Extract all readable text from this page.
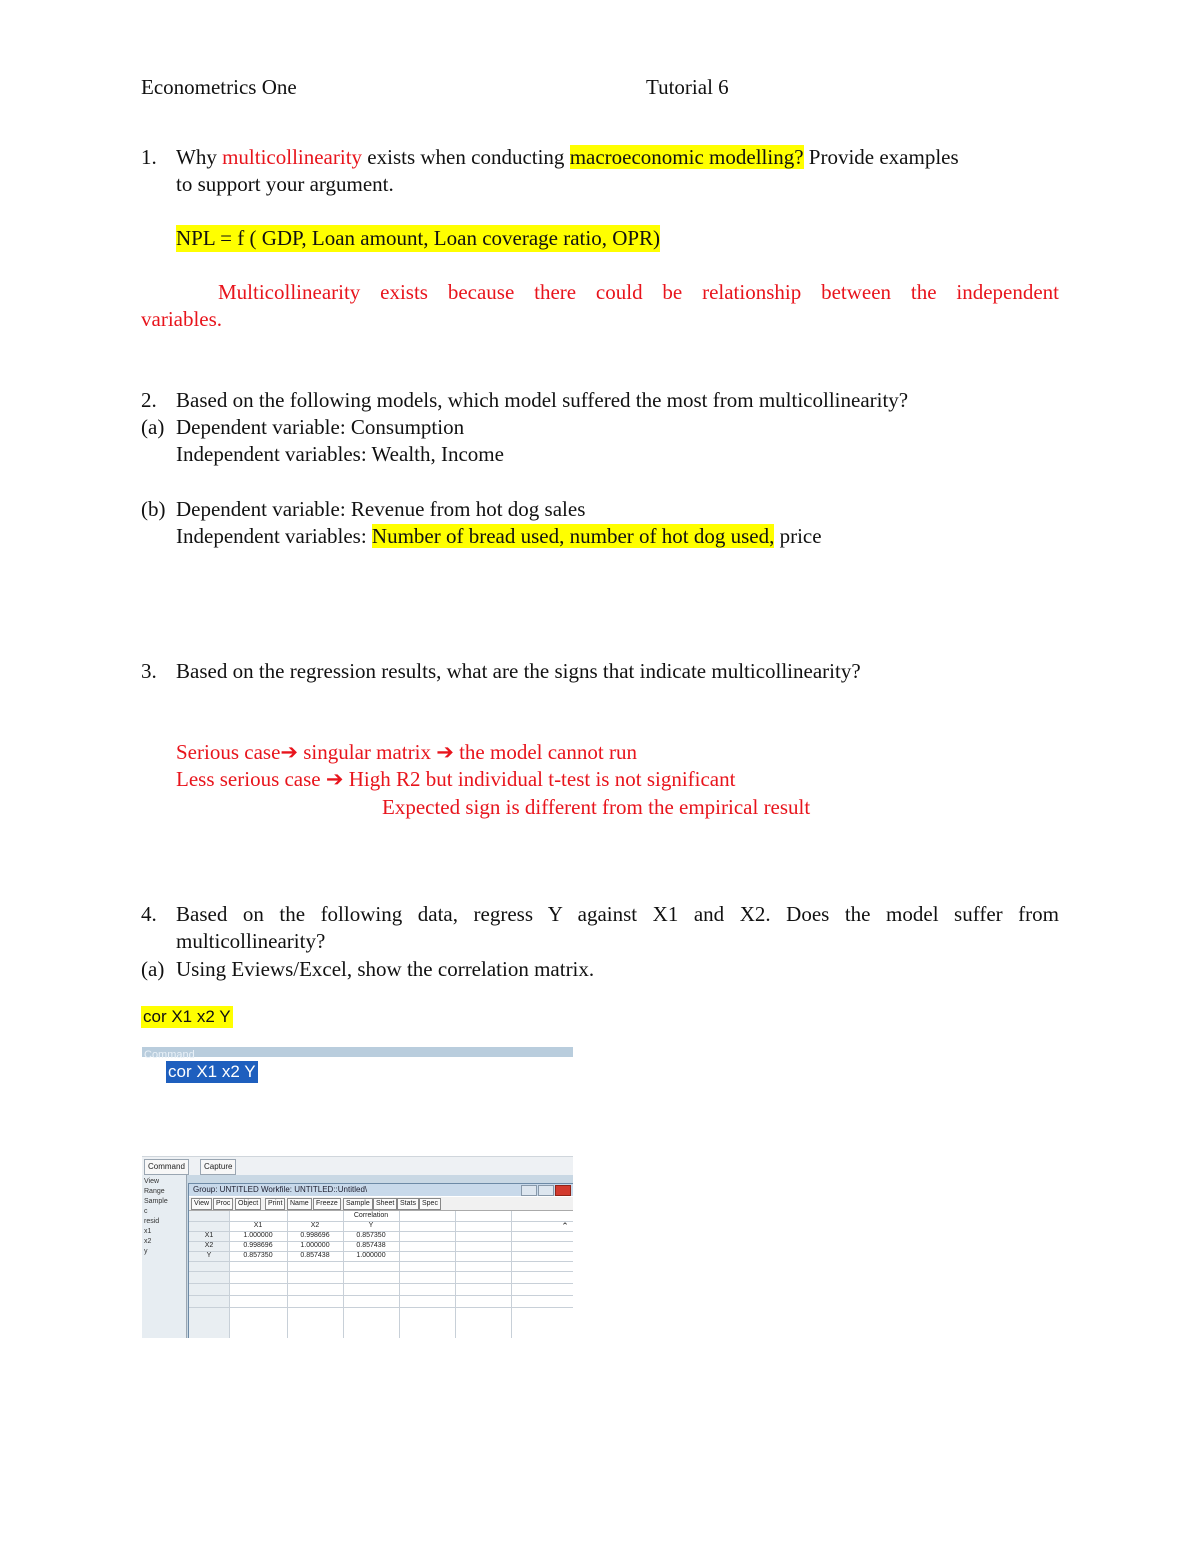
Econometrics One	Tutorial 6
1. Why multicollinearity exists when conducting macroeconomic modelling? Provide examples
to support your argument.
NPL = f ( GDP, Loan amount, Loan coverage ratio, OPR)
Multicollinearity exists because there could be relationship between the independent
variables.
2. Based on the following models, which model suffered the most from multicollinearity?
(a) Dependent variable: Consumption
Independent variables: Wealth, Income
(b) Dependent variable: Revenue from hot dog sales
Independent variables: Number of bread used, number of hot dog used, price
3. Based on the regression results, what are the signs that indicate multicollinearity?
Serious case➔ singular matrix ➔ the model cannot run
Less serious case ➔ High R2 but individual t-test is not significant
Expected sign is different from the empirical result
4. Based on the following data, regress Y against X1 and X2. Does the model suffer from
multicollinearity?
(a) Using Eviews/Excel, show the correlation matrix.
cor X1 x2 Y
Command
cor X1 x2 Y
Command	Capture
View
Range
Sample
c
resid
x1
x2
y
Group: UNTITLED Workfile: UNTITLED::Untitled\
View Proc	Object	Print	Name	Freeze	Sample Sheet Stats Spec
Correlation
X1	X2	Y
X1	1.000000	0.998696	0.857350
X2	0.998696	1.000000	0.857438
Y	0.857350	0.857438	1.000000
⌃
